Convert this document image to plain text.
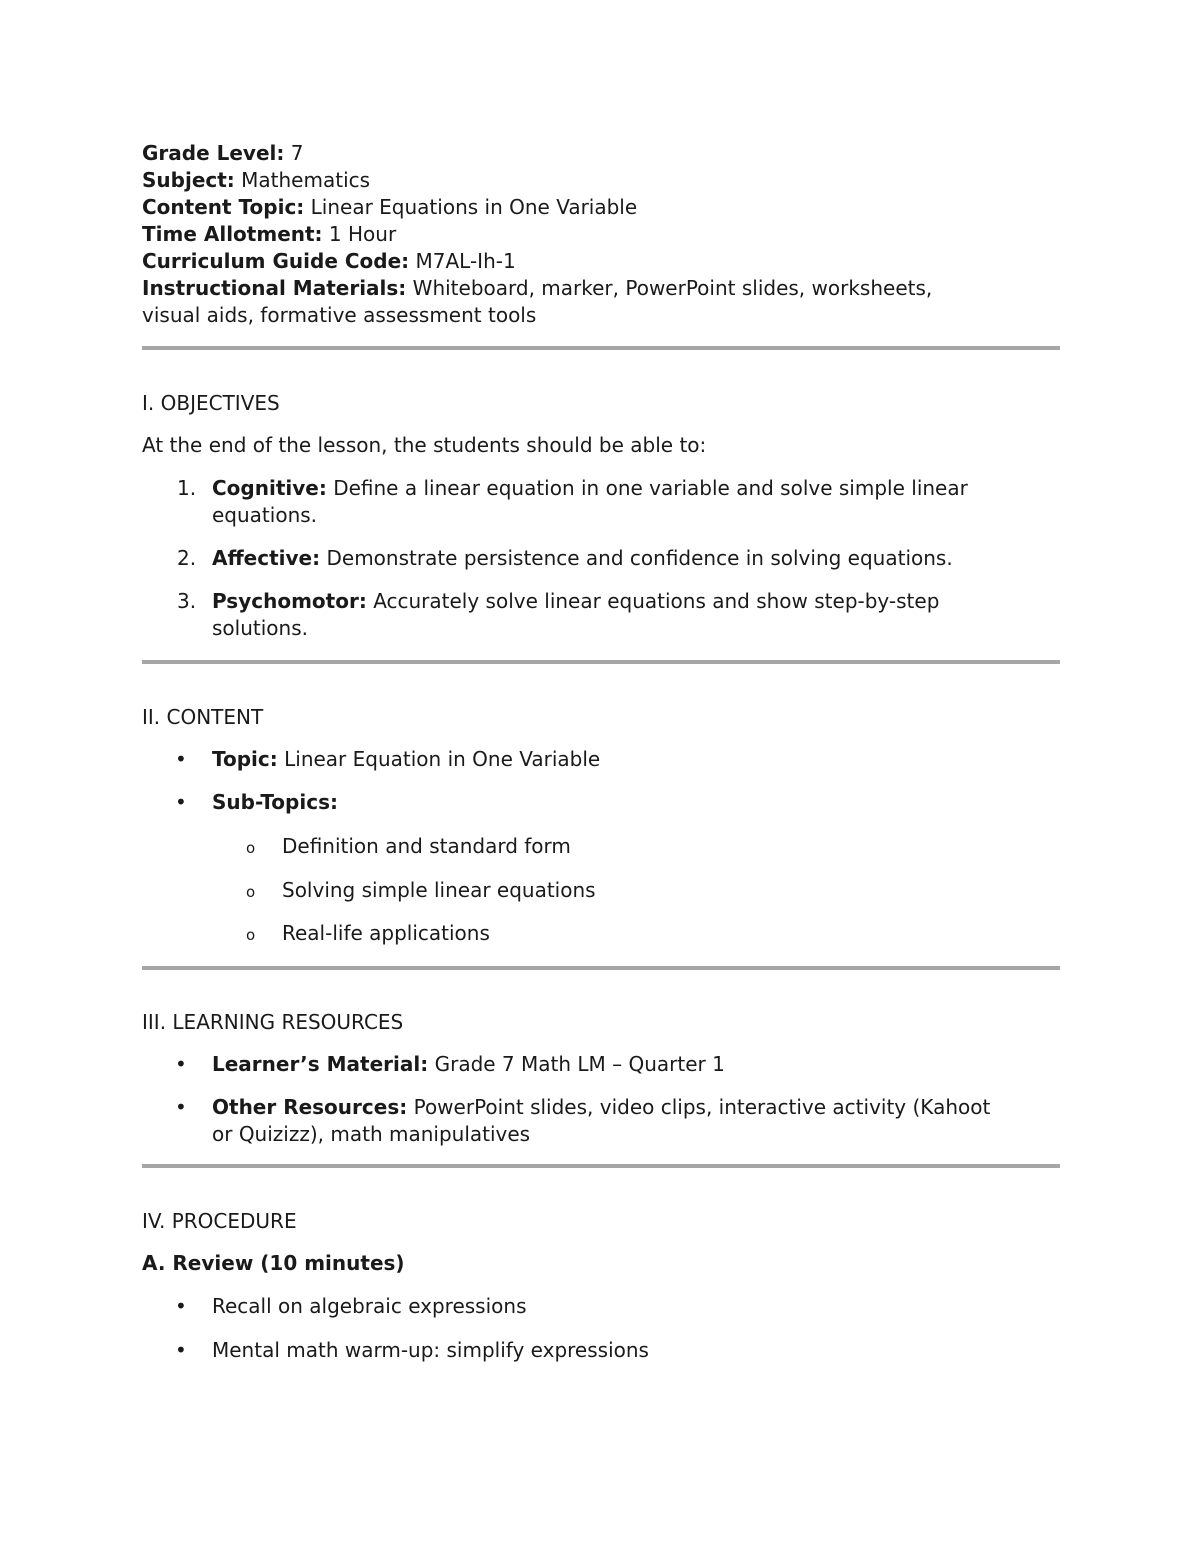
Grade Level: 7

Subject: Mathematics

Content Topic: Linear Equations in One Variable

Time Allotment: 1 Hour

Curriculum Guide Code: M7AL-Ih-1

Instructional Materials: Whiteboard, marker, PowerPoint slides, worksheets,

visual aids, formative assessment tools

I. OBJECTIVES

At the end of the lesson, the students should be able to:

1. Cognitive: Define a linear equation in one variable and solve simple linear
equations.
2. Affective: Demonstrate persistence and confidence in solving equations.
3. Psychomotor: Accurately solve linear equations and show step-by-step
solutions.

II. CONTENT

•	Topic: Linear Equation in One Variable
•	Sub-Topics:
o	Definition and standard form
o	Solving simple linear equations
o	Real-life applications

III. LEARNING RESOURCES

•	Learner’s Material: Grade 7 Math LM – Quarter 1
•	Other Resources: PowerPoint slides, video clips, interactive activity (Kahoot
or Quizizz), math manipulatives

IV. PROCEDURE

A. Review (10 minutes)

•	Recall on algebraic expressions
•	Mental math warm-up: simplify expressions
